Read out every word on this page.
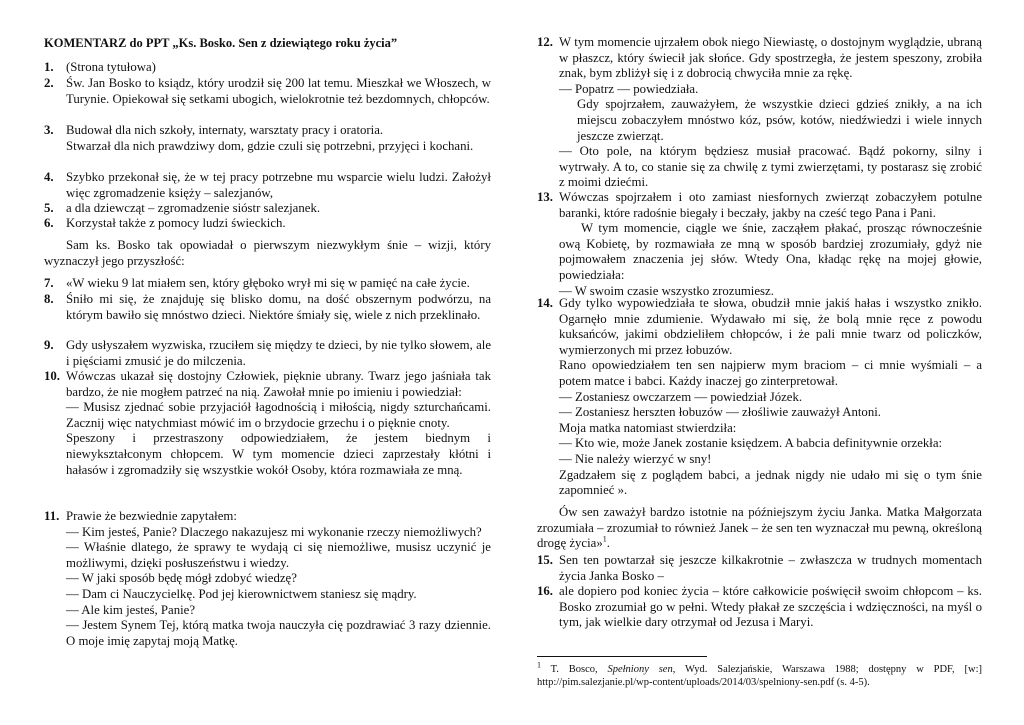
KOMENTARZ do PPT „Ks. Bosko. Sen z dziewiątego roku życia”
1. (Strona tytułowa)

2. Św. Jan Bosko to ksiądz, który urodził się 200 lat temu. Mieszkał we Włoszech, w Turynie. Opiekował się setkami ubogich, wielokrotnie też bezdomnych, chłopców.

3. Budował dla nich szkoły, internaty, warsztaty pracy i oratoria.

Stwarzał dla nich prawdziwy dom, gdzie czuli się potrzebni, przyjęci i kochani.

4. Szybko przekonał się, że w tej pracy potrzebne mu wsparcie wielu ludzi. Założył więc zgromadzenie księży – salezjanów,

5. a dla dziewcząt – zgromadzenie sióstr salezjanek.

6. Korzystał także z pomocy ludzi świeckich.

Sam ks. Bosko tak opowiadał o pierwszym niezwykłym śnie – wizji, który wyznaczył jego przyszłość:

7. «W wieku 9 lat miałem sen, który głęboko wrył mi się w pamięć na całe życie.

8. Śniło mi się, że znajduję się blisko domu, na dość obszernym podwórzu, na którym bawiło się mnóstwo dzieci. Niektóre śmiały się, wiele z nich przeklinało.

9. Gdy usłyszałem wyzwiska, rzuciłem się między te dzieci, by nie tylko słowem, ale i pięściami zmusić je do milczenia.

10. Wówczas ukazał się dostojny Człowiek, pięknie ubrany. Twarz jego jaśniała tak bardzo, że nie mogłem patrzeć na nią. Zawołał mnie po imieniu i powiedział:

— Musisz zjednać sobie przyjaciół łagodnością i miłością, nigdy szturchańcami. Zacznij więc natychmiast mówić im o brzydocie grzechu i o pięknie cnoty.

Speszony i przestraszony odpowiedziałem, że jestem biednym i niewykształconym chłopcem. W tym momencie dzieci zaprzestały kłótni i hałasów i zgromadziły się wszystkie wokół Osoby, która rozmawiała ze mną.

11. Prawie że bezwiednie zapytałem:

— Kim jesteś, Panie? Dlaczego nakazujesz mi wykonanie rzeczy niemożliwych?

— Właśnie dlatego, że sprawy te wydają ci się niemożliwe, musisz uczynić je możliwymi, dzięki posłuszeństwu i wiedzy.

— W jaki sposób będę mógł zdobyć wiedzę?

— Dam ci Nauczycielkę. Pod jej kierownictwem staniesz się mądry.

— Ale kim jesteś, Panie?

— Jestem Synem Tej, którą matka twoja nauczyła cię pozdrawiać 3 razy dziennie. O moje imię zapytaj moją Matkę.

12. W tym momencie ujrzałem obok niego Niewiastę, o dostojnym wyglądzie, ubraną w płaszcz, który świecił jak słońce. Gdy spostrzegła, że jestem speszony, zrobiła znak, bym zbliżył się i z dobrocią chwyciła mnie za rękę.

— Popatrz — powiedziała.

Gdy spojrzałem, zauważyłem, że wszystkie dzieci gdzieś znikły, a na ich miejscu zobaczyłem mnóstwo kóz, psów, kotów, niedźwiedzi i wiele innych jeszcze zwierząt.

— Oto pole, na którym będziesz musiał pracować. Bądź pokorny, silny i wytrwały. A to, co stanie się za chwilę z tymi zwierzętami, ty postarasz się zrobić z moimi dziećmi.

13. Wówczas spojrzałem i oto zamiast niesfornych zwierząt zobaczyłem potulne baranki, które radośnie biegały i beczały, jakby na cześć tego Pana i Pani.

W tym momencie, ciągle we śnie, zacząłem płakać, prosząc równocześnie ową Kobietę, by rozmawiała ze mną w sposób bardziej zrozumiały, gdyż nie pojmowałem znaczenia jej słów. Wtedy Ona, kładąc rękę na mojej głowie, powiedziała:

— W swoim czasie wszystko zrozumiesz.

14. Gdy tylko wypowiedziała te słowa, obudził mnie jakiś hałas i wszystko znikło. Ogarnęło mnie zdumienie. Wydawało mi się, że bolą mnie ręce z powodu kuksańców, jakimi obdzieliłem chłopców, i że pali mnie twarz od policzków, wymierzonych mi przez łobuzów.

Rano opowiedziałem ten sen najpierw mym braciom – ci mnie wyśmiali – a potem matce i babci. Każdy inaczej go zinterpretował.

— Zostaniesz owczarzem — powiedział Józek.

— Zostaniesz herszten łobuzów — złośliwie zauważył Antoni.

Moja matka natomiast stwierdziła:

— Kto wie, może Janek zostanie księdzem. A babcia definitywnie orzekła:

— Nie należy wierzyć w sny!

Zgadzałem się z poglądem babci, a jednak nigdy nie udało mi się o tym śnie zapomnieć ».

Ów sen zaważył bardzo istotnie na późniejszym życiu Janka. Matka Małgorzata zrozumiała – zrozumiał to również Janek – że sen ten wyznaczał mu pewną, określoną drogę życia»$^1$.

15. Sen ten powtarzał się jeszcze kilkakrotnie – zwłaszcza w trudnych momentach życia Janka Bosko –

16. ale dopiero pod koniec życia – które całkowicie poświęcił swoim chłopcom – ks. Bosko zrozumiał go w pełni. Wtedy płakał ze szczęścia i wdzięczności, na myśl o tym, jak wielkie dary otrzymał od Jezusa i Maryi.

$^1$ T. Bosco, Spełniony sen, Wyd. Salezjańskie, Warszawa 1988; dostępny w PDF, [w:] http://pim.salezjanie.pl/wp-content/uploads/2014/03/spelniony-sen.pdf (s. 4-5).
